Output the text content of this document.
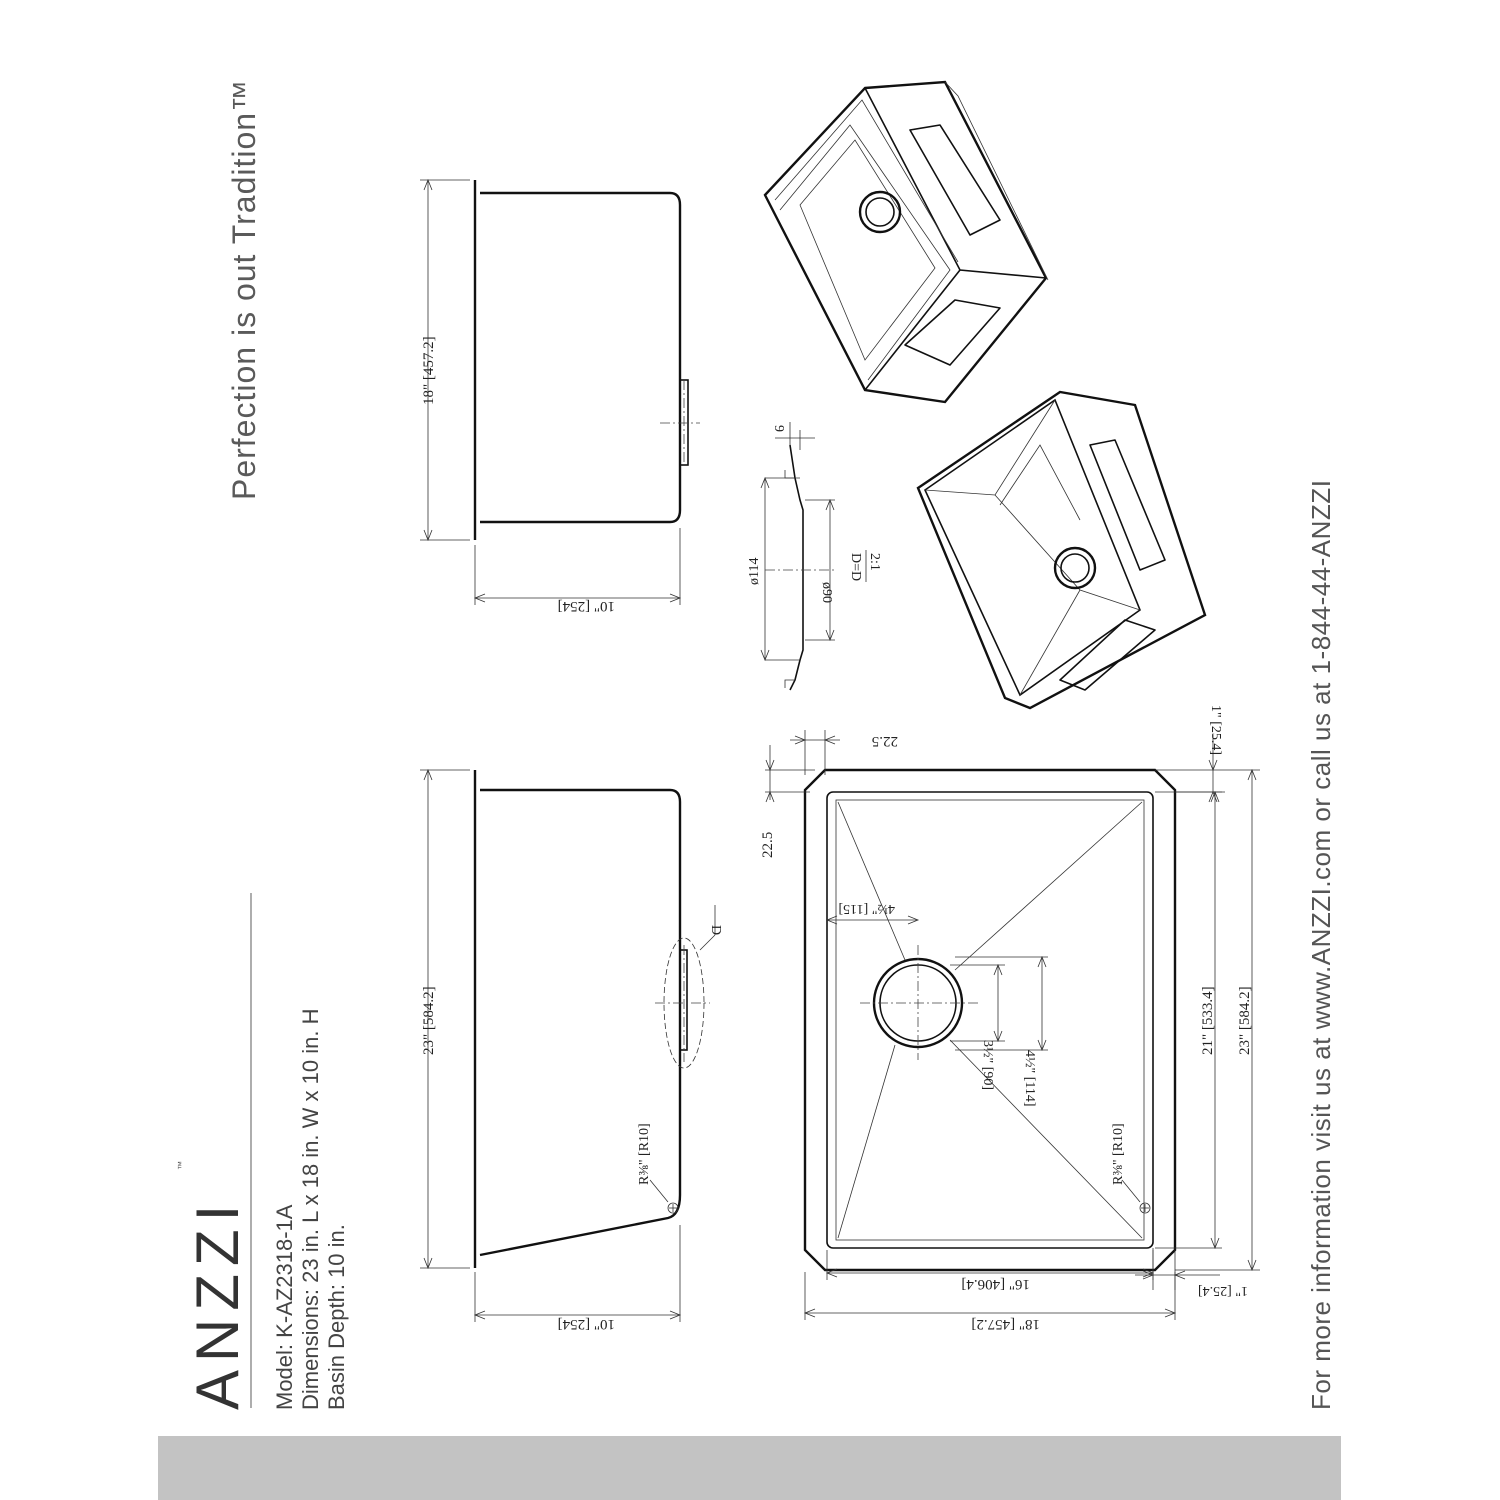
Perfection is out Tradition™
ANZZI
™
Model: K-AZ2318-1A Dimensions: 23 in. L x 18 in. W x 10 in. H Basin Depth: 10 in.	For more information visit us at www.ANZZI.com or call us at 1-844-44-ANZZI
18" [457.2]
10" [254]
D
R⅜" [R10]
23" [584.2]
10" [254]
ø114
ø90
9
D=D 2:1
R⅜" [R10]
4½" [115]
3½" [90] 4½" [114]
22.5
22.5	1" [25.4]
1" [25.4]
21" [533.4] 23" [584.2]
16" [406.4]
18" [457.2]
